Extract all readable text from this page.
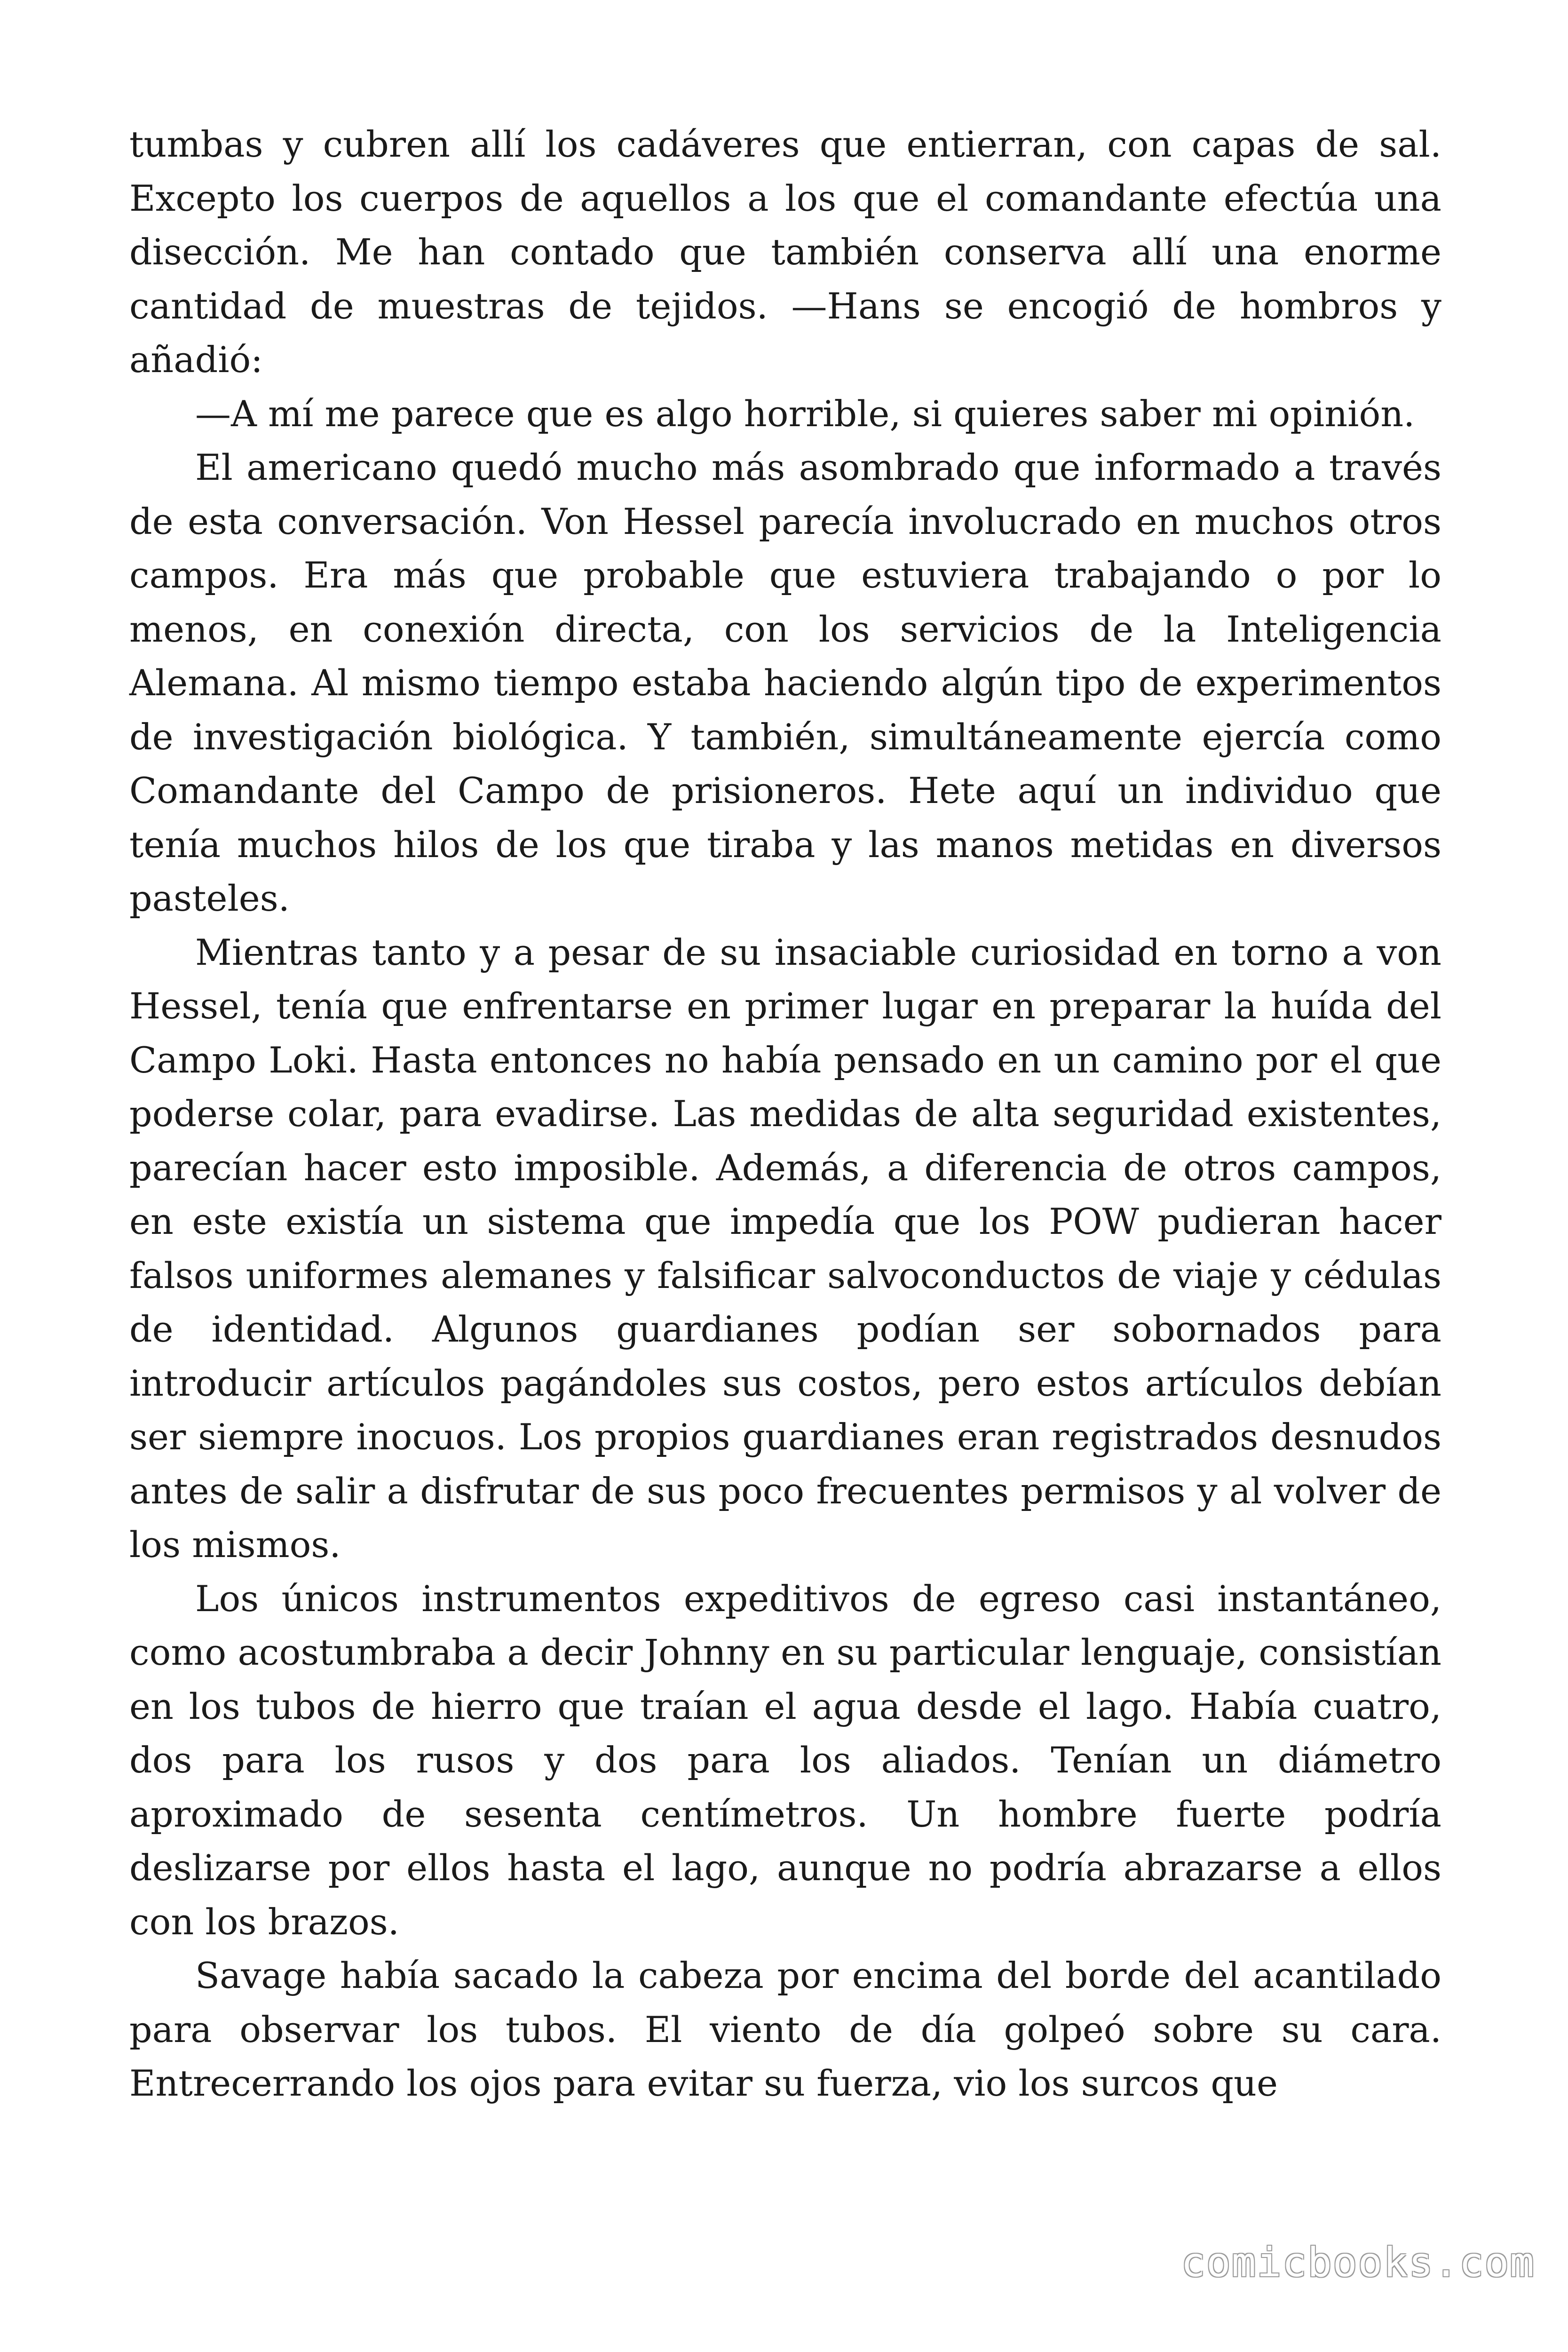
tumbas y cubren allí los cadáveres que entierran, con capas de sal. Excepto los cuerpos de aquellos a los que el comandante efectúa una disección. Me han contado que también conserva allí una enorme cantidad de muestras de tejidos. —Hans se encogió de hombros y añadió:

—A mí me parece que es algo horrible, si quieres saber mi opinión.

El americano quedó mucho más asombrado que informado a través de esta conversación. Von Hessel parecía involucrado en muchos otros campos. Era más que probable que estuviera trabajando o por lo menos, en conexión directa, con los servicios de la Inteligencia Alemana. Al mismo tiempo estaba haciendo algún tipo de experimentos de investigación biológica. Y también, simultáneamente ejercía como Comandante del Campo de prisioneros. Hete aquí un individuo que tenía muchos hilos de los que tiraba y las manos metidas en diversos pasteles.

Mientras tanto y a pesar de su insaciable curiosidad en torno a von Hessel, tenía que enfrentarse en primer lugar en preparar la huída del Campo Loki. Hasta entonces no había pensado en un camino por el que poderse colar, para evadirse. Las medidas de alta seguridad existentes, parecían hacer esto imposible. Además, a diferencia de otros campos, en este existía un sistema que impedía que los POW pudieran hacer falsos uniformes alemanes y falsificar salvoconductos de viaje y cédulas de identidad. Algunos guardianes podían ser sobornados para introducir artículos pagándoles sus costos, pero estos artículos debían ser siempre inocuos. Los propios guardianes eran registrados desnudos antes de salir a disfrutar de sus poco frecuentes permisos y al volver de los mismos.

Los únicos instrumentos expeditivos de egreso casi instantáneo, como acostumbraba a decir Johnny en su particular lenguaje, consistían en los tubos de hierro que traían el agua desde el lago. Había cuatro, dos para los rusos y dos para los aliados. Tenían un diámetro aproximado de sesenta centímetros. Un hombre fuerte podría deslizarse por ellos hasta el lago, aunque no podría abrazarse a ellos con los brazos.

Savage había sacado la cabeza por encima del borde del acantilado para observar los tubos. El viento de día golpeó sobre su cara. Entrecerrando los ojos para evitar su fuerza, vio los surcos que

comicbooks.com
